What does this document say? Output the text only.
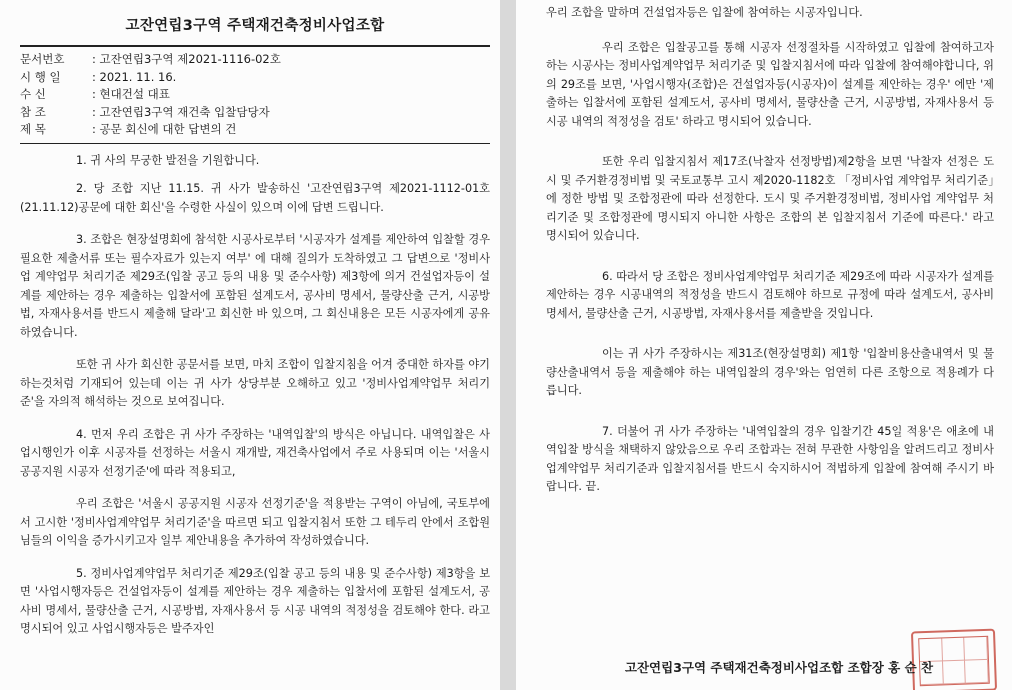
고잔연립3구역 주택재건축정비사업조합
문서번호	: 고잔연립3구역 제2021-1116-02호
시 행 일	: 2021. 11. 16.
수 신	: 현대건설 대표
참 조	: 고잔연립3구역 재건축 입찰담당자
제 목	: 공문 회신에 대한 답변의 건

1. 귀 사의 무궁한 발전을 기원합니다.

2. 당 조합 지난 11.15. 귀 사가 발송하신 '고잔연립3구역 제2021-1112-01호(21.11.12)공문에 대한 회신'을 수령한 사실이 있으며 이에 답변 드립니다.

3. 조합은 현장설명회에 참석한 시공사로부터 '시공자가 설계를 제안하여 입찰할 경우 필요한 제출서류 또는 필수자료가 있는지 여부' 에 대해 질의가 도착하였고 그 답변으로 '정비사업 계약업무 처리기준 제29조(입찰 공고 등의 내용 및 준수사항) 제3항에 의거 건설업자등이 설계를 제안하는 경우 제출하는 입찰서에 포함된 설계도서, 공사비 명세서, 물량산출 근거, 시공방법, 자재사용서를 반드시 제출해 달라'고 회신한 바 있으며, 그 회신내용은 모든 시공자에게 공유하였습니다.

또한 귀 사가 회신한 공문서를 보면, 마치 조합이 입찰지침을 어겨 중대한 하자를 야기하는것처럼 기재되어 있는데 이는 귀 사가 상당부분 오해하고 있고 '정비사업계약업무 처리기준'을 자의적 해석하는 것으로 보여집니다.

4. 먼저 우리 조합은 귀 사가 주장하는 '내역입찰'의 방식은 아닙니다. 내역입찰은 사업시행인가 이후 시공자를 선정하는 서울시 재개발, 재건축사업에서 주로 사용되며 이는 '서울시 공공지원 시공자 선정기준'에 따라 적용되고,

우리 조합은 '서울시 공공지원 시공자 선정기준'을 적용받는 구역이 아님에, 국토부에서 고시한 '정비사업계약업무 처리기준'을 따르면 되고 입찰지침서 또한 그 테두리 안에서 조합원님들의 이익을 증가시키고자 일부 제안내용을 추가하여 작성하였습니다.

5. 정비사업계약업무 처리기준 제29조(입찰 공고 등의 내용 및 준수사항) 제3항을 보면 '사업시행자등은 건설업자등이 설계를 제안하는 경우 제출하는 입찰서에 포함된 설계도서, 공사비 명세서, 물량산출 근거, 시공방법, 자재사용서 등 시공 내역의 적정성을 검토해야 한다. 라고 명시되어 있고 사업시행자등은 발주자인

우리 조합을 말하며 건설업자등은 입찰에 참여하는 시공자입니다.

우리 조합은 입찰공고를 통해 시공자 선정절차를 시작하였고 입찰에 참여하고자 하는 시공사는 정비사업계약업무 처리기준 및 입찰지침서에 따라 입찰에 참여해야합니다, 위의 29조를 보면, '사업시행자(조합)은 건설업자등(시공자)이 설계를 제안하는 경우' 에만 '제출하는 입찰서에 포함된 설계도서, 공사비 명세서, 물량산출 근거, 시공방법, 자재사용서 등 시공 내역의 적정성을 검토' 하라고 명시되어 있습니다.

또한 우리 입찰지침서 제17조(낙찰자 선정방법)제2항을 보면 '낙찰자 선정은 도시 및 주거환경정비법 및 국토교통부 고시 제2020-1182호 「정비사업 계약업무 처리기준」에 정한 방법 및 조합정관에 따라 선정한다. 도시 및 주거환경정비법, 정비사업 계약업무 처리기준 및 조합정관에 명시되지 아니한 사항은 조합의 본 입찰지침서 기준에 따른다.' 라고 명시되어 있습니다.

6. 따라서 당 조합은 정비사업계약업무 처리기준 제29조에 따라 시공자가 설계를 제안하는 경우 시공내역의 적정성을 반드시 검토해야 하므로 규정에 따라 설계도서, 공사비 명세서, 물량산출 근거, 시공방법, 자재사용서를 제출받을 것입니다.

이는 귀 사가 주장하시는 제31조(현장설명회) 제1항 '입찰비용산출내역서 및 물량산출내역서 등을 제출해야 하는 내역입찰의 경우'와는 엄연히 다른 조항으로 적용례가 다릅니다.

7. 더불어 귀 사가 주장하는 '내역입찰의 경우 입찰기간 45일 적용'은 애초에 내역입찰 방식을 채택하지 않았음으로 우리 조합과는 전혀 무관한 사항임을 알려드리고 정비사업계약업무 처리기준과 입찰지침서를 반드시 숙지하시어 적법하게 입찰에 참여해 주시기 바랍니다. 끝.

고잔연립3구역 주택재건축정비사업조합 조합장 홍 순 찬
